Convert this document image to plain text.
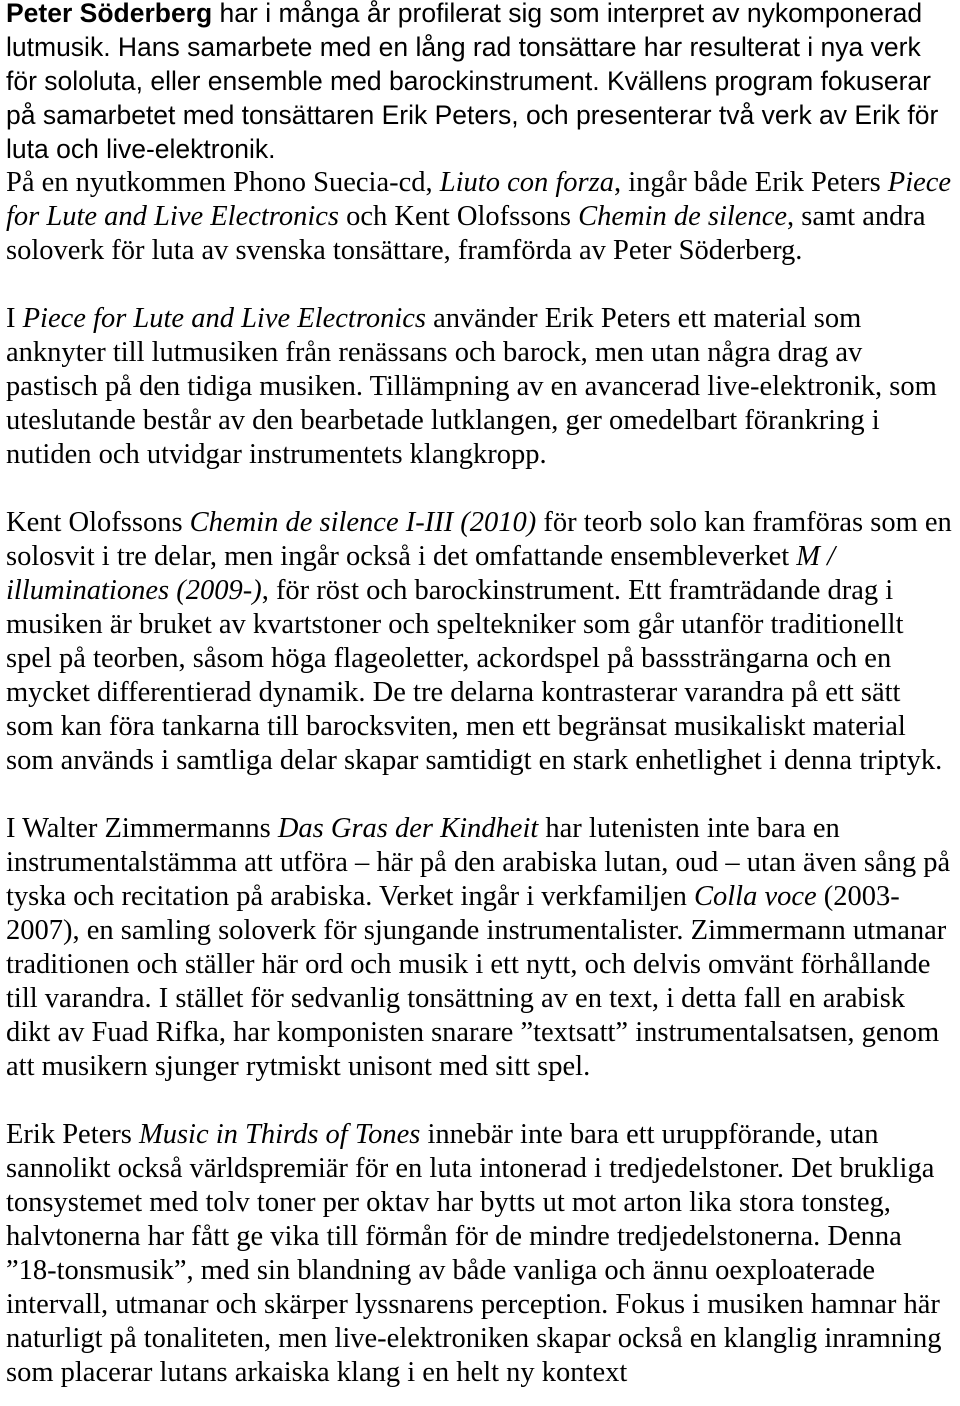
Peter Söderberg har i många år profilerat sig som interpret av nykomponerad lutmusik. Hans samarbete med en lång rad tonsättare har resulterat i nya verk för sololuta, eller ensemble med barockinstrument. Kvällens program fokuserar på samarbetet med tonsättaren Erik Peters, och presenterar två verk av Erik för luta och live-elektronik.

På en nyutkommen Phono Suecia-cd, Liuto con forza, ingår både Erik Peters Piece for Lute and Live Electronics och Kent Olofssons Chemin de silence, samt andra soloverk för luta av svenska tonsättare, framförda av Peter Söderberg.

I Piece for Lute and Live Electronics använder Erik Peters ett material som anknyter till lutmusiken från renässans och barock, men utan några drag av pastisch på den tidiga musiken. Tillämpning av en avancerad live-elektronik, som uteslutande består av den bearbetade lutklangen, ger omedelbart förankring i nutiden och utvidgar instrumentets klangkropp.

Kent Olofssons Chemin de silence I-III (2010) för teorb solo kan framföras som en solosvit i tre delar, men ingår också i det omfattande ensembleverket M / illuminationes (2009-), för röst och barockinstrument. Ett framträdande drag i musiken är bruket av kvartstoner och speltekniker som går utanför traditionellt spel på teorben, såsom höga flageoletter, ackordspel på basssträngarna och en mycket differentierad dynamik. De tre delarna kontrasterar varandra på ett sätt som kan föra tankarna till barocksviten, men ett begränsat musikaliskt material som används i samtliga delar skapar samtidigt en stark enhetlighet i denna triptyk.

I Walter Zimmermanns Das Gras der Kindheit har lutenisten inte bara en instrumentalstämma att utföra – här på den arabiska lutan, oud – utan även sång på tyska och recitation på arabiska. Verket ingår i verkfamiljen Colla voce (2003-2007), en samling soloverk för sjungande instrumentalister. Zimmermann utmanar traditionen och ställer här ord och musik i ett nytt, och delvis omvänt förhållande till varandra. I stället för sedvanlig tonsättning av en text, i detta fall en arabisk dikt av Fuad Rifka, har komponisten snarare ”textsatt” instrumentalsatsen, genom att musikern sjunger rytmiskt unisont med sitt spel.

Erik Peters Music in Thirds of Tones innebär inte bara ett uruppförande, utan sannolikt också världspremiär för en luta intonerad i tredjedelstoner. Det brukliga tonsystemet med tolv toner per oktav har bytts ut mot arton lika stora tonsteg, halvtonerna har fått ge vika till förmån för de mindre tredjedelstonerna. Denna ”18-tonsmusik”, med sin blandning av både vanliga och ännu oexploaterade intervall, utmanar och skärper lyssnarens perception. Fokus i musiken hamnar här naturligt på tonaliteten, men live-elektroniken skapar också en klanglig inramning som placerar lutans arkaiska klang i en helt ny kontext
